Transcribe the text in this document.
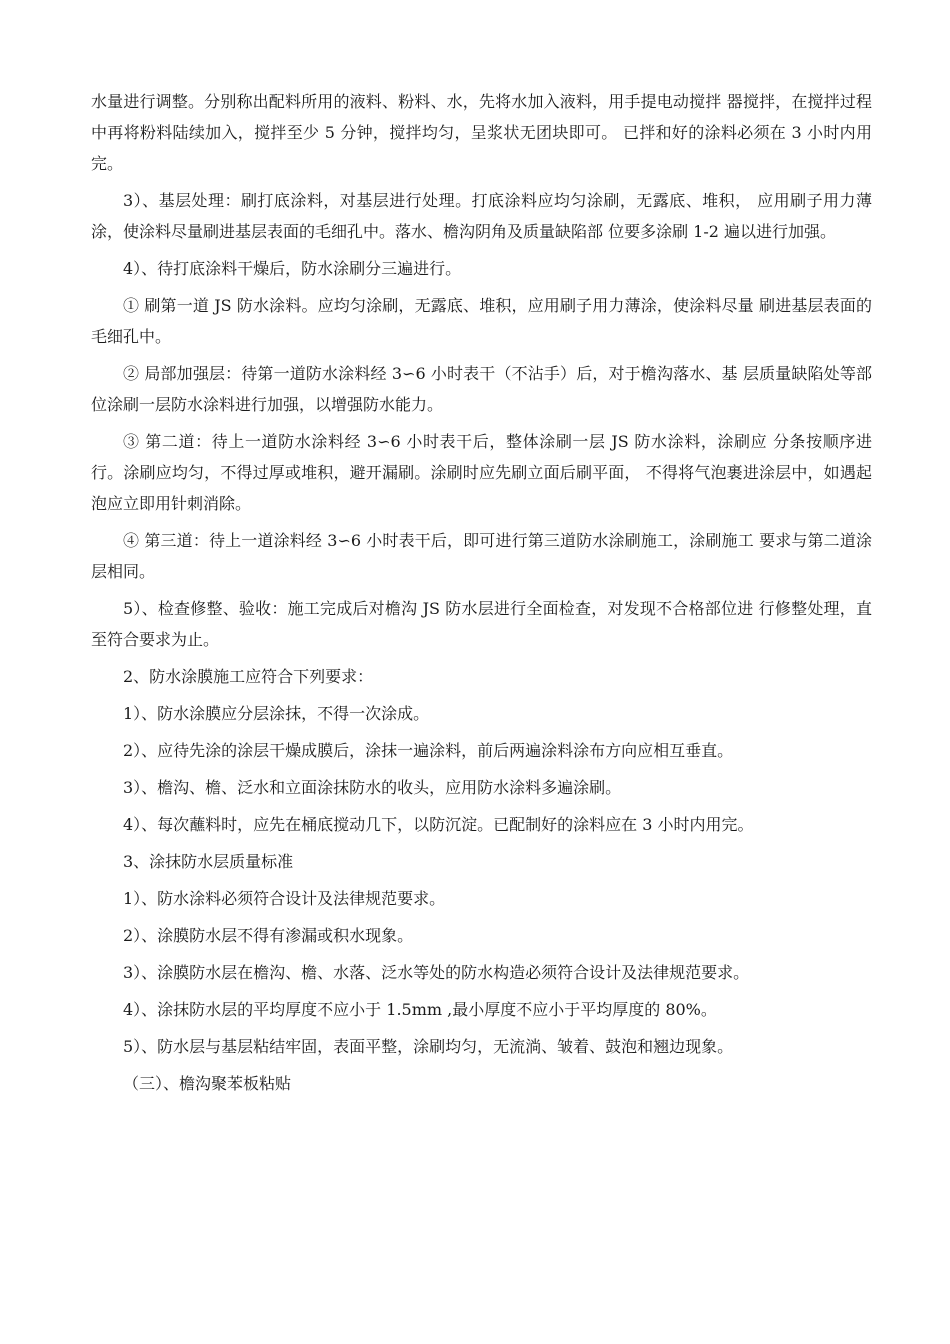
水量进行调整。分别称出配料所用的液料、粉料、水，先将水加入液料，用手提电动搅拌 器搅拌，在搅拌过程中再将粉料陆续加入，搅拌至少 5 分钟，搅拌均匀，呈浆状无团块即可。 已拌和好的涂料必须在 3 小时内用完。

3）、基层处理：刷打底涂料，对基层进行处理。打底涂料应均匀涂刷，无露底、堆积， 应用刷子用力薄涂，使涂料尽量刷进基层表面的毛细孔中。落水、檐沟阴角及质量缺陷部 位要多涂刷 1-2 遍以进行加强。

4）、待打底涂料干燥后，防水涂刷分三遍进行。

① 刷第一道 JS 防水涂料。应均匀涂刷，无露底、堆积，应用刷子用力薄涂，使涂料尽量 刷进基层表面的毛细孔中。

② 局部加强层：待第一道防水涂料经 3∽6 小时表干（不沾手）后，对于檐沟落水、基 层质量缺陷处等部位涂刷一层防水涂料进行加强，以增强防水能力。

③ 第二道：待上一道防水涂料经 3∽6 小时表干后，整体涂刷一层 JS 防水涂料，涂刷应 分条按顺序进行。涂刷应均匀，不得过厚或堆积，避开漏刷。涂刷时应先刷立面后刷平面， 不得将气泡裹进涂层中，如遇起泡应立即用针刺消除。

④ 第三道：待上一道涂料经 3∽6 小时表干后，即可进行第三道防水涂刷施工，涂刷施工 要求与第二道涂层相同。

5）、检查修整、验收：施工完成后对檐沟 JS 防水层进行全面检查，对发现不合格部位进 行修整处理，直至符合要求为止。

2、防水涂膜施工应符合下列要求：

1）、防水涂膜应分层涂抹，不得一次涂成。

2）、应待先涂的涂层干燥成膜后，涂抹一遍涂料，前后两遍涂料涂布方向应相互垂直。

3）、檐沟、檐、泛水和立面涂抹防水的收头，应用防水涂料多遍涂刷。

4）、每次蘸料时，应先在桶底搅动几下，以防沉淀。已配制好的涂料应在 3 小时内用完。

3、涂抹防水层质量标准

1）、防水涂料必须符合设计及法律规范要求。

2）、涂膜防水层不得有渗漏或积水现象。

3）、涂膜防水层在檐沟、檐、水落、泛水等处的防水构造必须符合设计及法律规范要求。

4）、涂抹防水层的平均厚度不应小于 1.5mm ,最小厚度不应小于平均厚度的 80%。

5）、防水层与基层粘结牢固，表面平整，涂刷均匀，无流淌、皱着、鼓泡和翘边现象。

（三）、檐沟聚苯板粘贴
